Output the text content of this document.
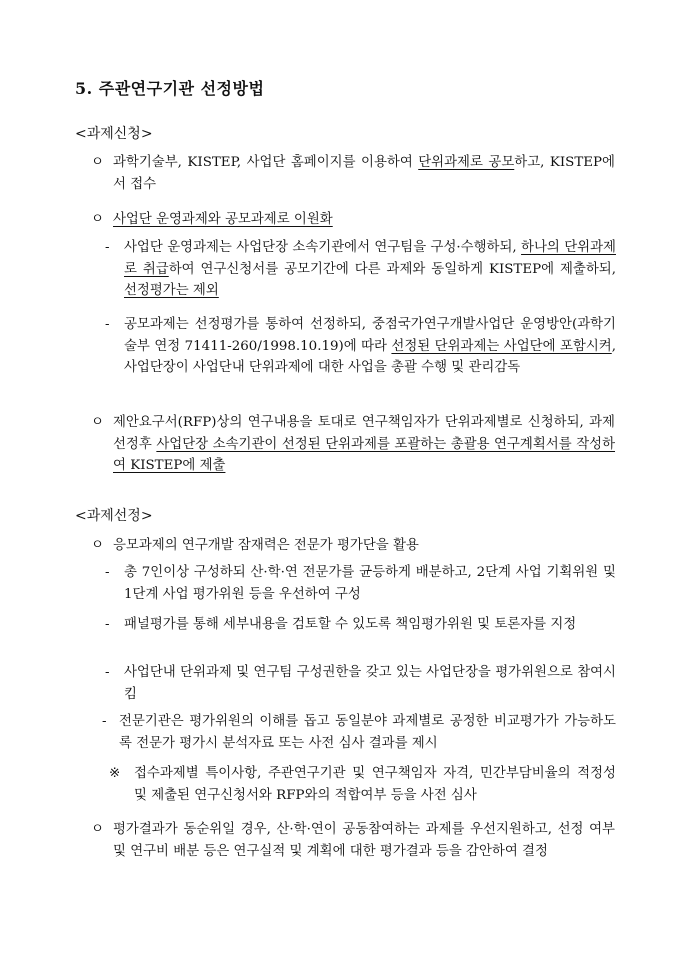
5. 주관연구기관 선정방법
<과제신청>
ㅇ 과학기술부, KISTEP, 사업단 홈페이지를 이용하여 단위과제로 공모하고, KISTEP에서 접수
ㅇ 사업단 운영과제와 공모과제로 이원화
- 사업단 운영과제는 사업단장 소속기관에서 연구팀을 구성·수행하되, 하나의 단위과제로 취급하여 연구신청서를 공모기간에 다른 과제와 동일하게 KISTEP에 제출하되, 선정평가는 제외
- 공모과제는 선정평가를 통하여 선정하되, 중점국가연구개발사업단 운영방안(과학기술부 연정 71411-260/1998.10.19)에 따라 선정된 단위과제는 사업단에 포함시켜, 사업단장이 사업단내 단위과제에 대한 사업을 총괄 수행 및 관리감독
ㅇ 제안요구서(RFP)상의 연구내용을 토대로 연구책임자가 단위과제별로 신청하되, 과제선정후 사업단장 소속기관이 선정된 단위과제를 포괄하는 총괄용 연구계획서를 작성하여 KISTEP에 제출
<과제선정>
ㅇ 응모과제의 연구개발 잠재력은 전문가 평가단을 활용
- 총 7인이상 구성하되 산·학·연 전문가를 균등하게 배분하고, 2단계 사업 기획위원 및 1단계 사업 평가위원 등을 우선하여 구성
- 패널평가를 통해 세부내용을 검토할 수 있도록 책임평가위원 및 토론자를 지정
- 사업단내 단위과제 및 연구팀 구성권한을 갖고 있는 사업단장을 평가위원으로 참여시킴
- 전문기관은 평가위원의 이해를 돕고 동일분야 과제별로 공정한 비교평가가 가능하도록 전문가 평가시 분석자료 또는 사전 심사 결과를 제시
※ 접수과제별 특이사항, 주관연구기관 및 연구책임자 자격, 민간부담비율의 적정성 및 제출된 연구신청서와 RFP와의 적합여부 등을 사전 심사
ㅇ 평가결과가 동순위일 경우, 산·학·연이 공동참여하는 과제를 우선지원하고, 선정 여부 및 연구비 배분 등은 연구실적 및 계획에 대한 평가결과 등을 감안하여 결정
